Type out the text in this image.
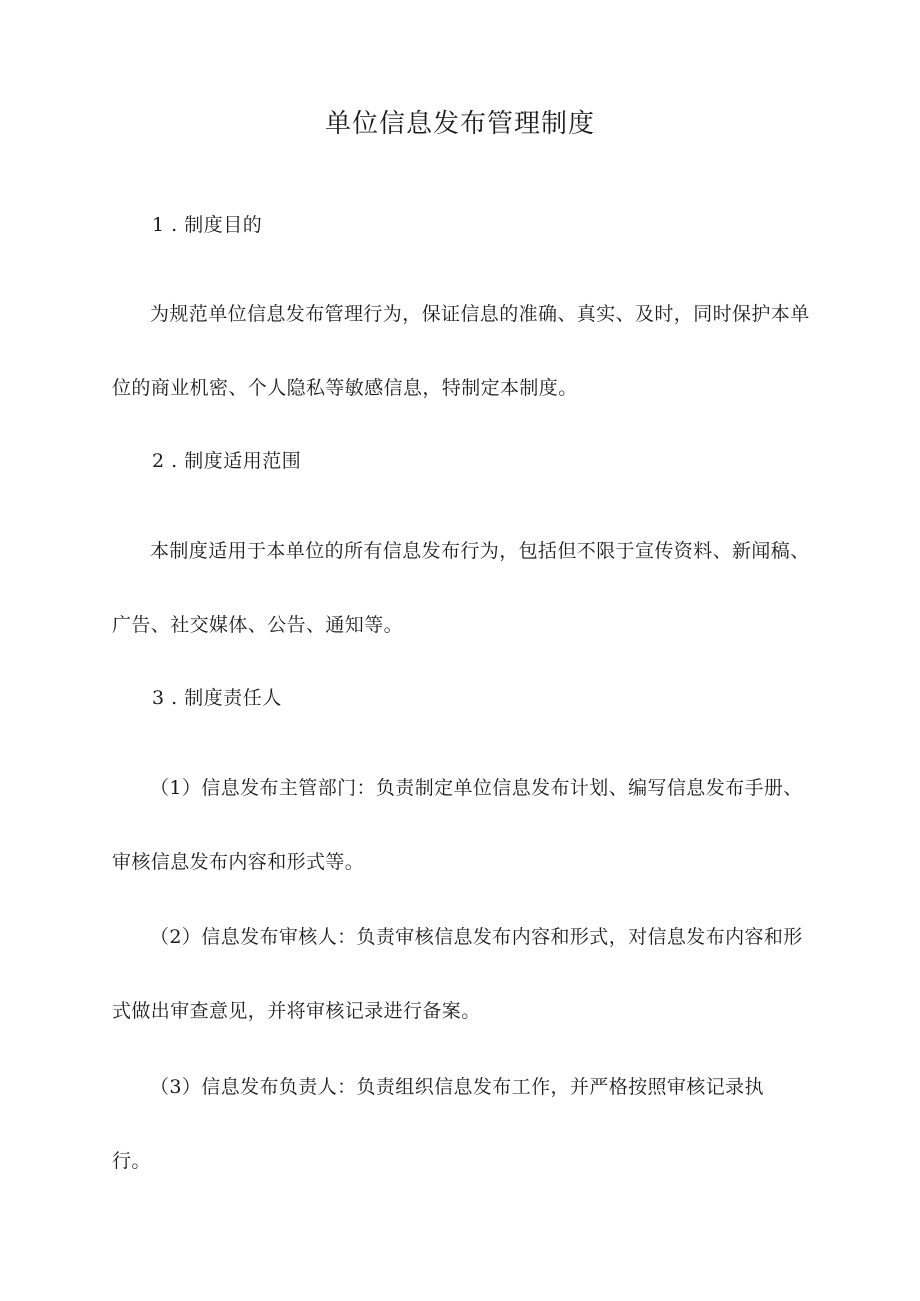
单位信息发布管理制度
1 . 制度目的
为规范单位信息发布管理行为，保证信息的准确、真实、及时，同时保护本单位的商业机密、个人隐私等敏感信息，特制定本制度。
2 . 制度适用范围
本制度适用于本单位的所有信息发布行为，包括但不限于宣传资料、新闻稿、广告、社交媒体、公告、通知等。
3 . 制度责任人
（1）信息发布主管部门：负责制定单位信息发布计划、编写信息发布手册、审核信息发布内容和形式等。
（2）信息发布审核人：负责审核信息发布内容和形式，对信息发布内容和形式做出审查意见，并将审核记录进行备案。
（3）信息发布负责人：负责组织信息发布工作，并严格按照审核记录执行。
